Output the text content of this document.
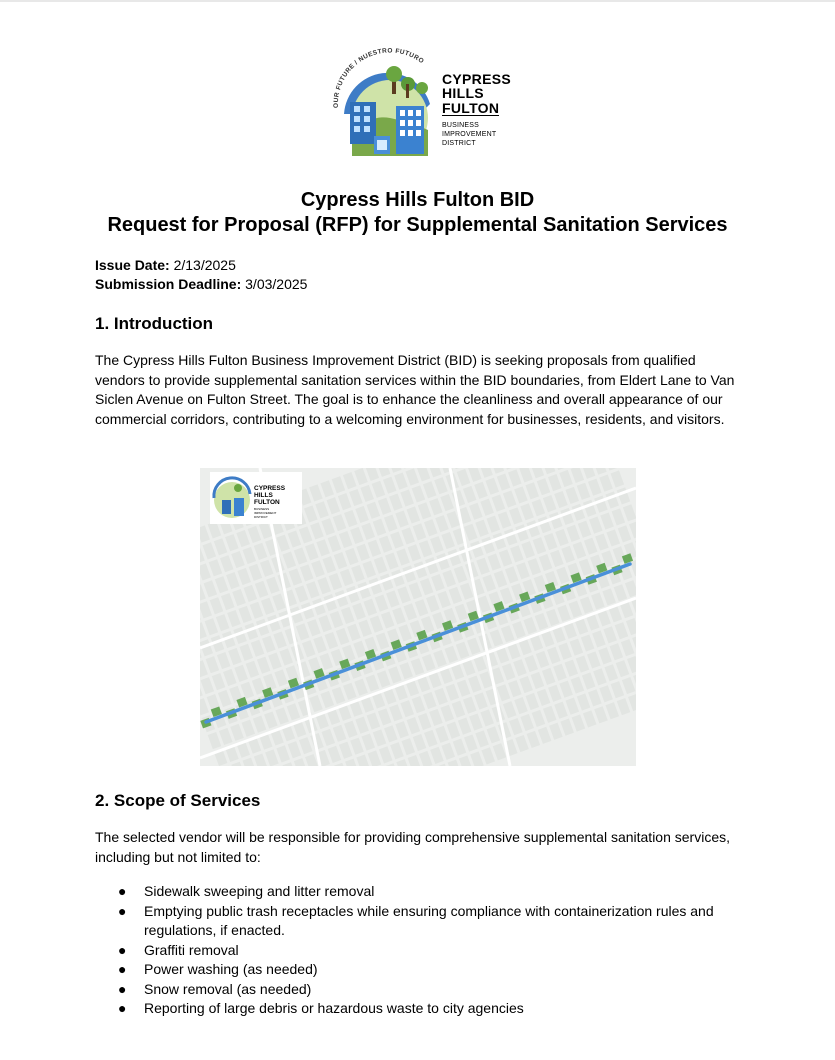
OUR FUTURE / NUESTRO FUTURO
CYPRESS
HILLS
FULTON
BUSINESS
IMPROVEMENT
DISTRICT
Cypress Hills Fulton BID
Request for Proposal (RFP) for Supplemental Sanitation Services
Issue Date: 2/13/2025
Submission Deadline: 3/03/2025
1. Introduction
The Cypress Hills Fulton Business Improvement District (BID) is seeking proposals from qualified vendors to provide supplemental sanitation services within the BID boundaries, from Eldert Lane to Van Siclen Avenue on Fulton Street. The goal is to enhance the cleanliness and overall appearance of our commercial corridors, contributing to a welcoming environment for businesses, residents, and visitors.
CYPRESS
HILLS
FULTON
BUSINESS
IMPROVEMENT
DISTRICT
2. Scope of Services
The selected vendor will be responsible for providing comprehensive supplemental sanitation services, including but not limited to:
● Sidewalk sweeping and litter removal
● Emptying public trash receptacles while ensuring compliance with containerization rules and regulations, if enacted.
● Graffiti removal
● Power washing (as needed)
● Snow removal (as needed)
● Reporting of large debris or hazardous waste to city agencies
